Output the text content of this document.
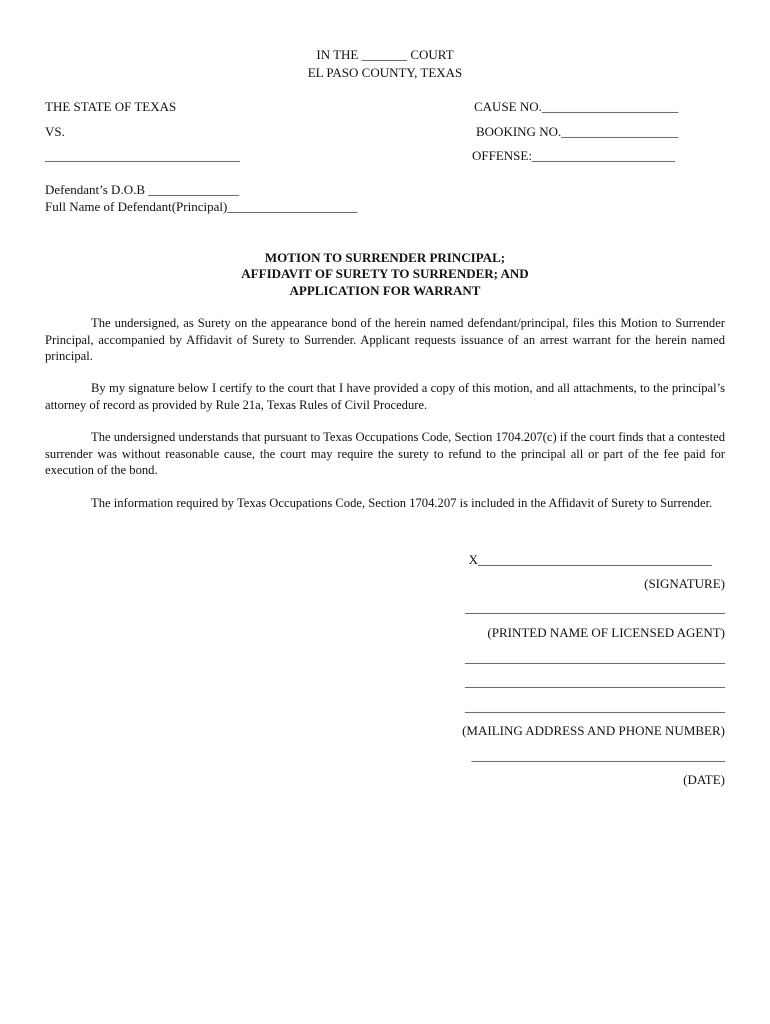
IN THE _______ COURT
EL PASO COUNTY, TEXAS
THE STATE OF TEXAS
VS.
______________________________
CAUSE NO._____________________
BOOKING NO.__________________
OFFENSE:______________________
Defendant’s D.O.B ______________
Full Name of Defendant(Principal)____________________
MOTION TO SURRENDER PRINCIPAL;
AFFIDAVIT OF SURETY TO SURRENDER; AND
APPLICATION FOR WARRANT
The undersigned, as Surety on the appearance bond of the herein named defendant/principal, files this Motion to Surrender Principal, accompanied by Affidavit of Surety to Surrender. Applicant requests issuance of an arrest warrant for the herein named principal.
By my signature below I certify to the court that I have provided a copy of this motion, and all attachments, to the principal’s attorney of record as provided by Rule 21a, Texas Rules of Civil Procedure.
The undersigned understands that pursuant to Texas Occupations Code, Section 1704.207(c) if the court finds that a contested surrender was without reasonable cause, the court may require the surety to refund to the principal all or part of the fee paid for execution of the bond.
The information required by Texas Occupations Code, Section 1704.207 is included in the Affidavit of Surety to Surrender.
X____________________________________
(SIGNATURE)
________________________________________
(PRINTED NAME OF LICENSED AGENT)
________________________________________
________________________________________
________________________________________
(MAILING ADDRESS AND PHONE NUMBER)
_______________________________________
(DATE)
